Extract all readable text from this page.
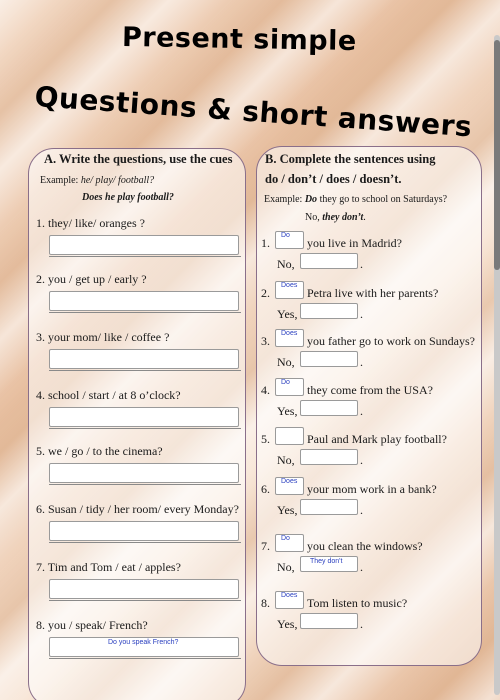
Present simple
Questions & short answers
A. Write the questions, use the cues
Example: he/ play/ football?
Does he play football?
1. they/ like/ oranges ?
2. you / get up / early ?
3. your mom/ like / coffee ?
4. school / start / at 8 o’clock?
5. we / go / to the cinema?
6. Susan / tidy / her room/ every Monday?
7. Tim and Tom / eat / apples?
8. you / speak/ French?
Do you speak French?
B. Complete the sentences using
do / don’t / does / doesn’t.
Example: Do they go to school on Saturdays?
No, they don’t.
1.
Do
you live in Madrid?
No,	.
2.
Does
Petra live with her parents?
Yes,	.
3.
Does
you father go to work on Sundays?
No,	.
4.
Do
they come from the USA?
Yes,	.
5.	Paul and Mark play football?
No,	.
6.
Does
your mom work in a bank?
Yes,	.
7.
Do
you clean the windows?
No, They don't .
8.
Does
Tom listen to music?
Yes,	.
